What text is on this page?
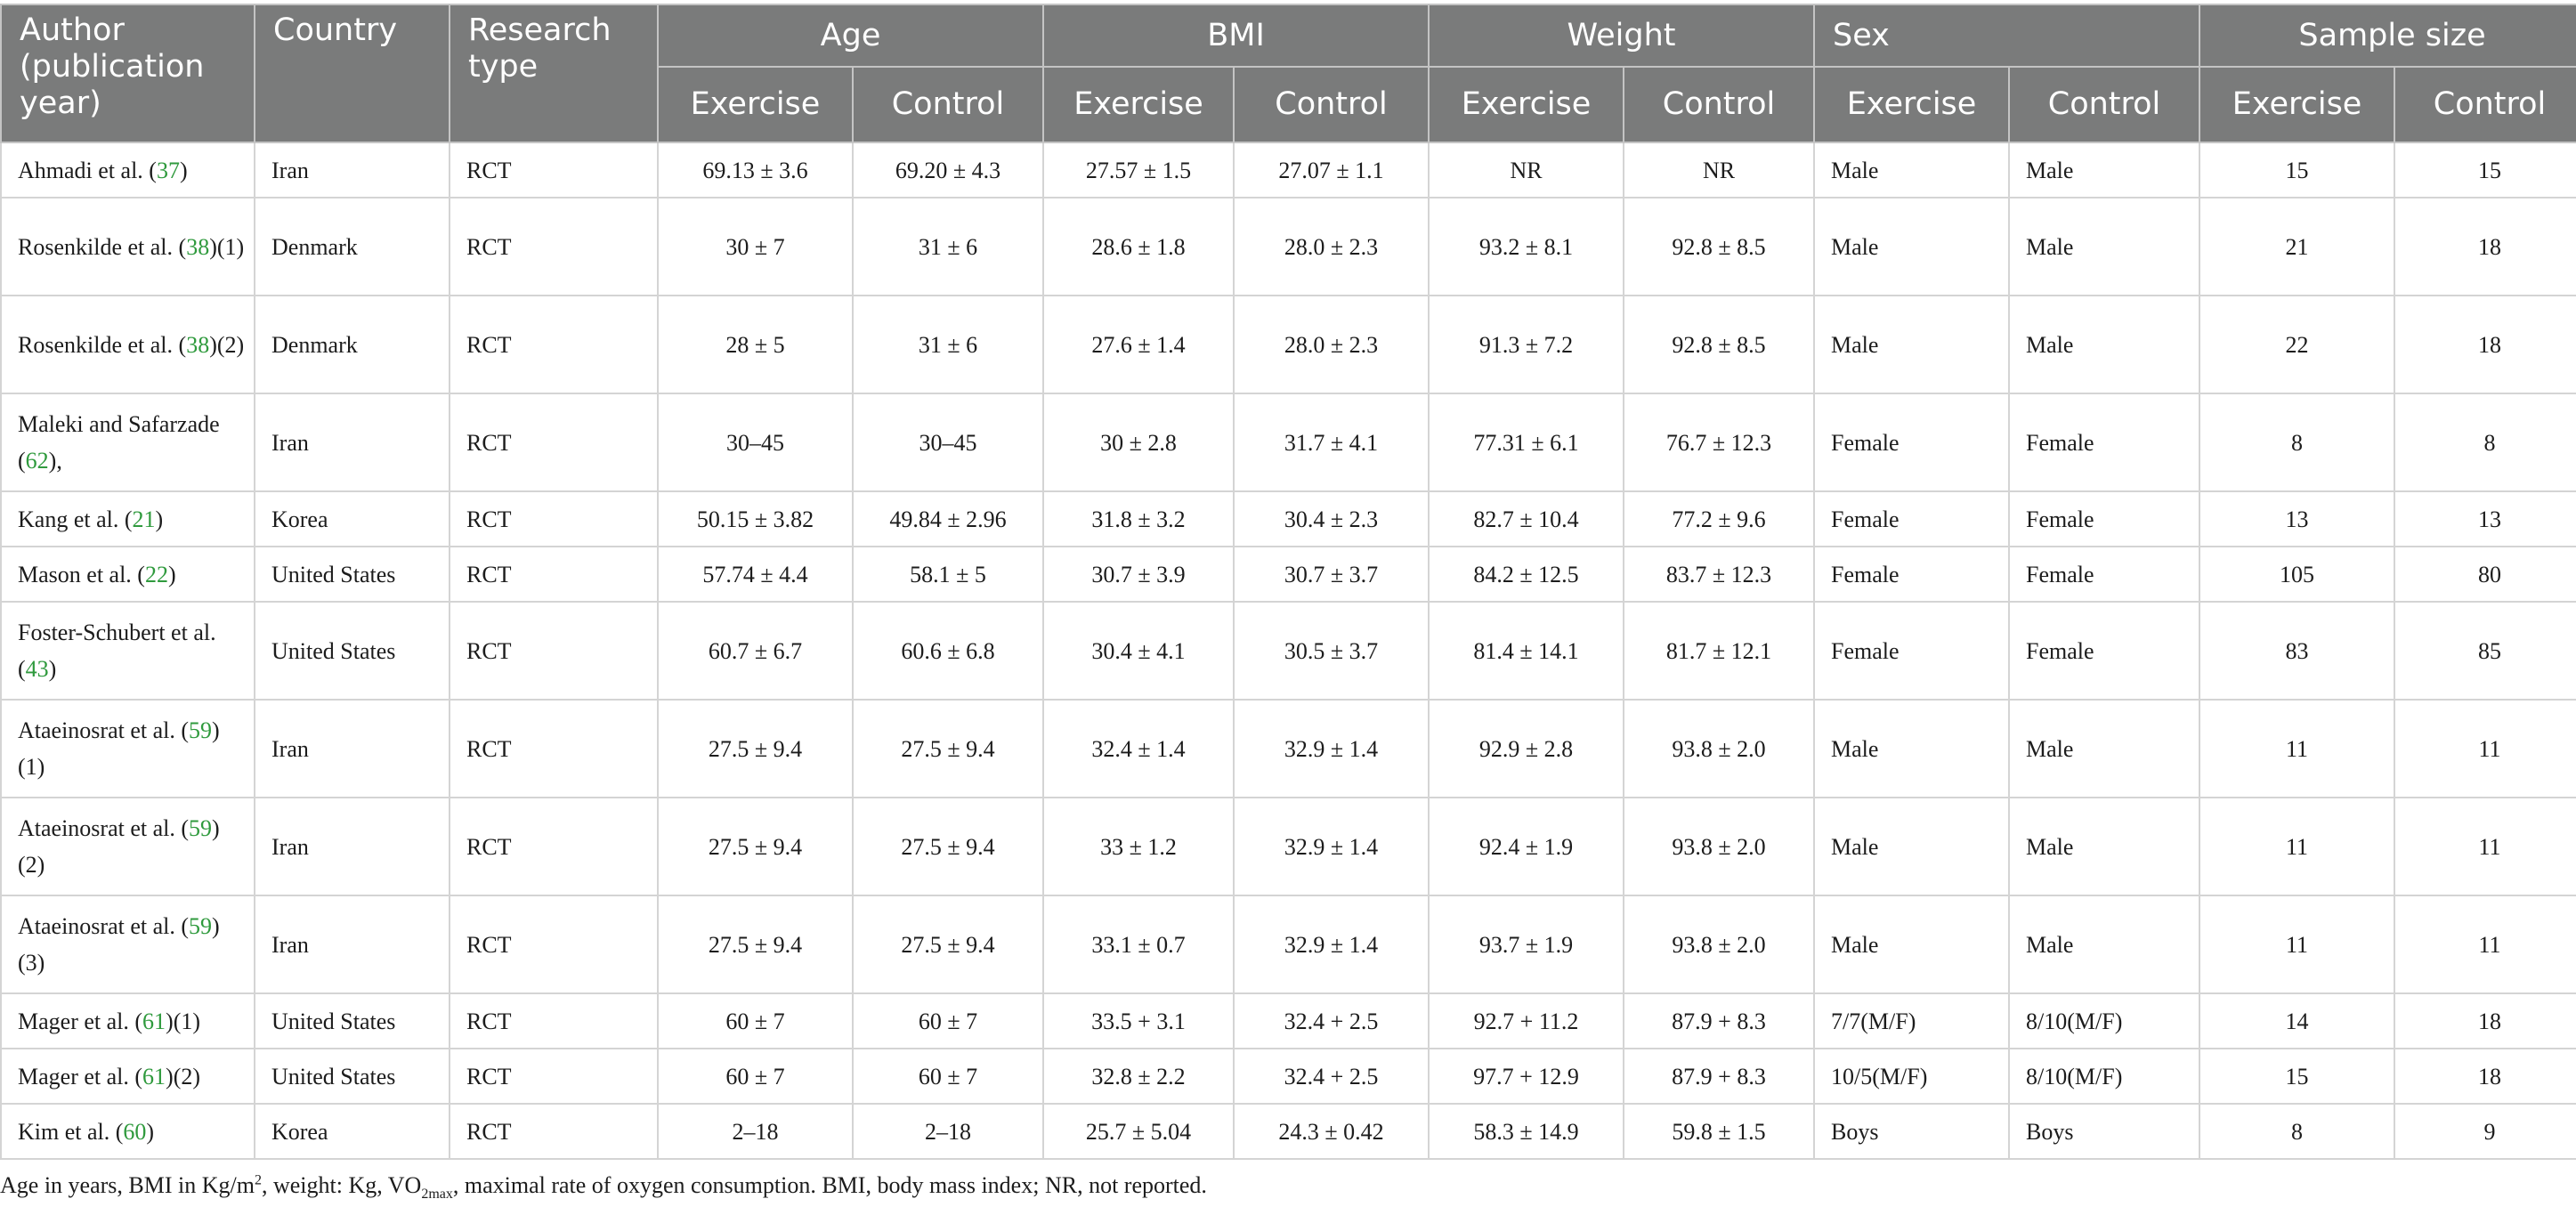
Author (publication year)	Country	Research type	Age		BMI		Weight		Sex		Sample size	
			Exercise	Control	Exercise	Control	Exercise	Control	Exercise	Control	Exercise	Control
Ahmadi et al. (37)	Iran	RCT	69.13 ± 3.6	69.20 ± 4.3	27.57 ± 1.5	27.07 ± 1.1	NR	NR	Male	Male	15	15
Rosenkilde et al. (38)(1)	Denmark	RCT	30 ± 7	31 ± 6	28.6 ± 1.8	28.0 ± 2.3	93.2 ± 8.1	92.8 ± 8.5	Male	Male	21	18
Rosenkilde et al. (38)(2)	Denmark	RCT	28 ± 5	31 ± 6	27.6 ± 1.4	28.0 ± 2.3	91.3 ± 7.2	92.8 ± 8.5	Male	Male	22	18
Maleki and Safarzade (62),	Iran	RCT	30–45	30–45	30 ± 2.8	31.7 ± 4.1	77.31 ± 6.1	76.7 ± 12.3	Female	Female	8	8
Kang et al. (21)	Korea	RCT	50.15 ± 3.82	49.84 ± 2.96	31.8 ± 3.2	30.4 ± 2.3	82.7 ± 10.4	77.2 ± 9.6	Female	Female	13	13
Mason et al. (22)	United States	RCT	57.74 ± 4.4	58.1 ± 5	30.7 ± 3.9	30.7 ± 3.7	84.2 ± 12.5	83.7 ± 12.3	Female	Female	105	80
Foster-Schubert et al. (43)	United States	RCT	60.7 ± 6.7	60.6 ± 6.8	30.4 ± 4.1	30.5 ± 3.7	81.4 ± 14.1	81.7 ± 12.1	Female	Female	83	85
Ataeinosrat et al. (59)(1)	Iran	RCT	27.5 ± 9.4	27.5 ± 9.4	32.4 ± 1.4	32.9 ± 1.4	92.9 ± 2.8	93.8 ± 2.0	Male	Male	11	11
Ataeinosrat et al. (59)(2)	Iran	RCT	27.5 ± 9.4	27.5 ± 9.4	33 ± 1.2	32.9 ± 1.4	92.4 ± 1.9	93.8 ± 2.0	Male	Male	11	11
Ataeinosrat et al. (59)(3)	Iran	RCT	27.5 ± 9.4	27.5 ± 9.4	33.1 ± 0.7	32.9 ± 1.4	93.7 ± 1.9	93.8 ± 2.0	Male	Male	11	11
Mager et al. (61)(1)	United States	RCT	60 ± 7	60 ± 7	33.5 + 3.1	32.4 + 2.5	92.7 + 11.2	87.9 + 8.3	7/7(M/F)	8/10(M/F)	14	18
Mager et al. (61)(2)	United States	RCT	60 ± 7	60 ± 7	32.8 ± 2.2	32.4 + 2.5	97.7 + 12.9	87.9 + 8.3	10/5(M/F)	8/10(M/F)	15	18
Kim et al. (60)	Korea	RCT	2–18	2–18	25.7 ± 5.04	24.3 ± 0.42	58.3 ± 14.9	59.8 ± 1.5	Boys	Boys	8	9
Age in years, BMI in $Kg/m^2$, weight: Kg, $VO_{2max}$, maximal rate of oxygen consumption. BMI, body mass index; NR, not reported.
